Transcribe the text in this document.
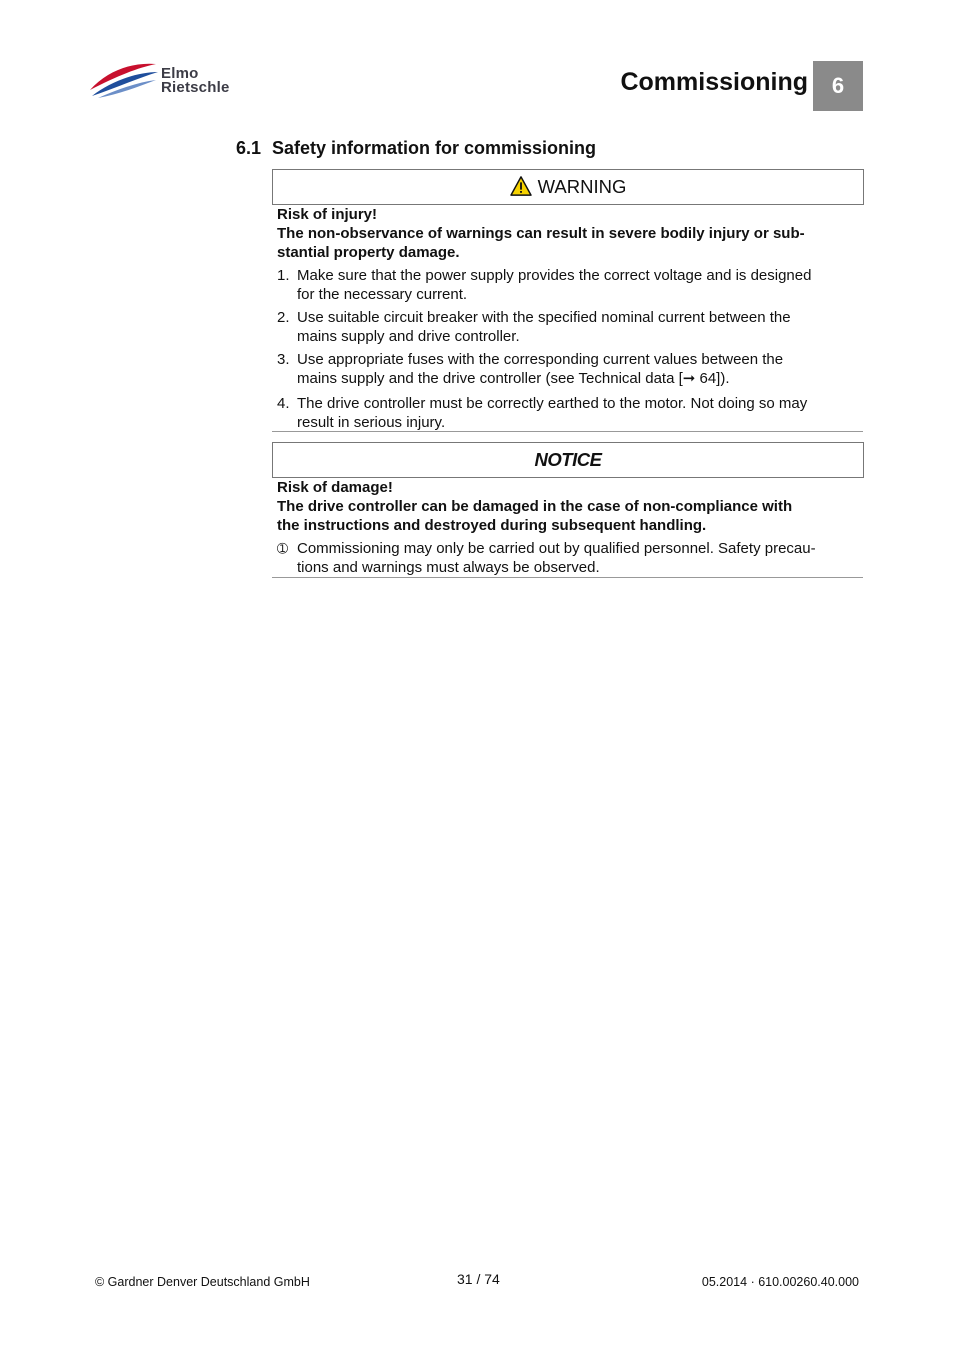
Elmo
Rietschle	Commissioning	6
6.1 Safety information for commissioning
WARNING
Risk of injury!
The non-observance of warnings can result in severe bodily injury or sub-
stantial property damage.
1. Make sure that the power supply provides the correct voltage and is designed
for the necessary current.
2. Use suitable circuit breaker with the specified nominal current between the
mains supply and drive controller.
3. Use appropriate fuses with the corresponding current values between the
mains supply and the drive controller (see Technical data [➞ 64]).
4. The drive controller must be correctly earthed to the motor. Not doing so may
result in serious injury.
NOTICE
Risk of damage!
The drive controller can be damaged in the case of non-compliance with
the instructions and destroyed during subsequent handling.
➀ Commissioning may only be carried out by qualified personnel. Safety precau-
tions and warnings must always be observed.
© Gardner Denver Deutschland GmbH	31 / 74	05.2014 · 610.00260.40.000
